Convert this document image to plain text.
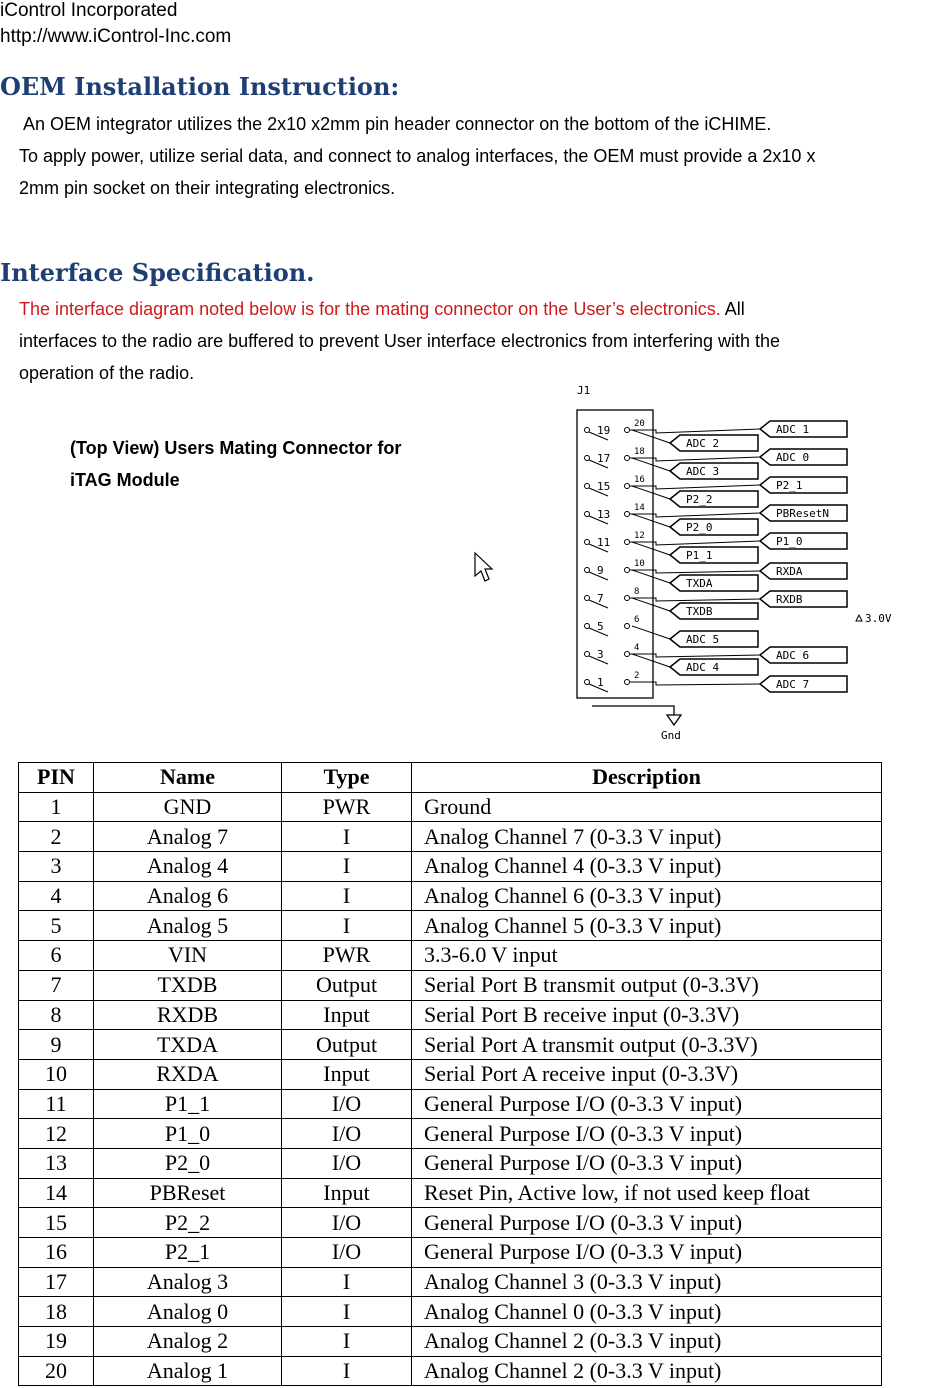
iControl Incorporated
http://www.iControl-Inc.com
OEM Installation Instruction:
An OEM integrator utilizes the 2x10 x2mm pin header connector on the bottom of the iCHIME.
To apply power, utilize serial data, and connect to analog interfaces, the OEM must provide a 2x10 x
2mm pin socket on their integrating electronics.
Interface Specification.
The interface diagram noted below is for the mating connector on the User’s electronics. All
interfaces to the radio are buffered to prevent User interface electronics from interfering with the
operation of the radio.
(Top View) Users Mating Connector for
iTAG Module
J1
19
17
15
13
11
9
7
5
3
1
20
18
16
14
12
10
8
6
4
2
ADC 2
ADC 3
P2_2
P2_0
P1_1
TXDA
TXDB
ADC 5
ADC 4
ADC 1
ADC 0
P2_1
PBResetN
P1_0
RXDA
RXDB
ADC 6
ADC 7
Gnd
3.0V
PIN	Name	Type	Description
1	GND	PWR	Ground
2	Analog 7	I	Analog Channel 7 (0-3.3 V input)
3	Analog 4	I	Analog Channel 4 (0-3.3 V input)
4	Analog 6	I	Analog Channel 6 (0-3.3 V input)
5	Analog 5	I	Analog Channel 5 (0-3.3 V input)
6	VIN	PWR	3.3-6.0 V input
7	TXDB	Output	Serial Port B transmit output (0-3.3V)
8	RXDB	Input	Serial Port B receive input (0-3.3V)
9	TXDA	Output	Serial Port A transmit output (0-3.3V)
10	RXDA	Input	Serial Port A receive input (0-3.3V)
11	P1_1	I/O	General Purpose I/O (0-3.3 V input)
12	P1_0	I/O	General Purpose I/O (0-3.3 V input)
13	P2_0	I/O	General Purpose I/O (0-3.3 V input)
14	PBReset	Input	Reset Pin, Active low, if not used keep float
15	P2_2	I/O	General Purpose I/O (0-3.3 V input)
16	P2_1	I/O	General Purpose I/O (0-3.3 V input)
17	Analog 3	I	Analog Channel 3 (0-3.3 V input)
18	Analog 0	I	Analog Channel 0 (0-3.3 V input)
19	Analog 2	I	Analog Channel 2 (0-3.3 V input)
20	Analog 1	I	Analog Channel 2 (0-3.3 V input)
